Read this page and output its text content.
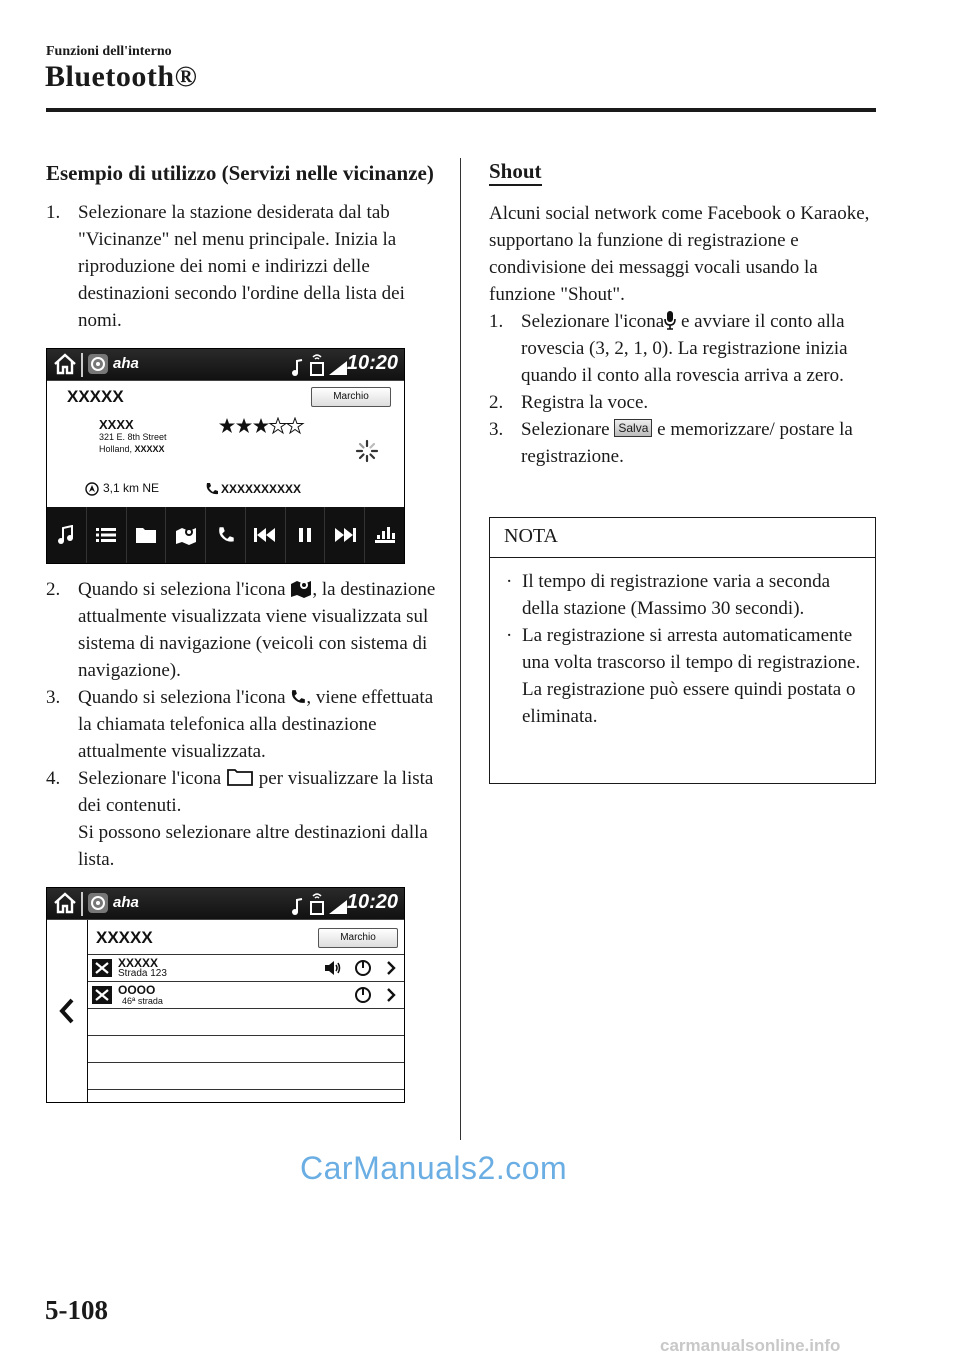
Funzioni dell'interno
Bluetooth®
Esempio di utilizzo (Servizi nelle vicinanze)
1. Selezionare la stazione desiderata dal tab "Vicinanze" nel menu principale. Inizia la riproduzione dei nomi e indirizzi delle destinazioni secondo l'ordine della lista dei nomi.
aha	10:20
XXXXX	Marchio
XXXX
321 E. 8th Street
Holland, XXXXX
3,1 km NE	XXXXXXXXXX
2. Quando si seleziona l'icona , la destinazione attualmente visualizzata viene visualizzata sul sistema di navigazione (veicoli con sistema di navigazione).
3. Quando si seleziona l'icona , viene effettuata la chiamata telefonica alla destinazione attualmente visualizzata.
4. Selezionare l'icona per visualizzare la lista dei contenuti.
Si possono selezionare altre destinazioni dalla lista.
aha	10:20
XXXXX	Marchio
XXXXX
Strada 123
OOOO
46ª strada
Shout
Alcuni social network come Facebook o Karaoke, supportano la funzione di registrazione e condivisione dei messaggi vocali usando la funzione "Shout".
1. Selezionare l'icona e avviare il conto alla rovescia (3, 2, 1, 0). La registrazione inizia quando il conto alla rovescia arriva a zero.
2. Registra la voce.
3. Selezionare Salva e memorizzare/ postare la registrazione.
NOTA
· Il tempo di registrazione varia a seconda della stazione (Massimo 30 secondi).
· La registrazione si arresta automaticamente una volta trascorso il tempo di registrazione. La registrazione può essere quindi postata o eliminata.
CarManuals2.com
5-108
carmanualsonline.info
